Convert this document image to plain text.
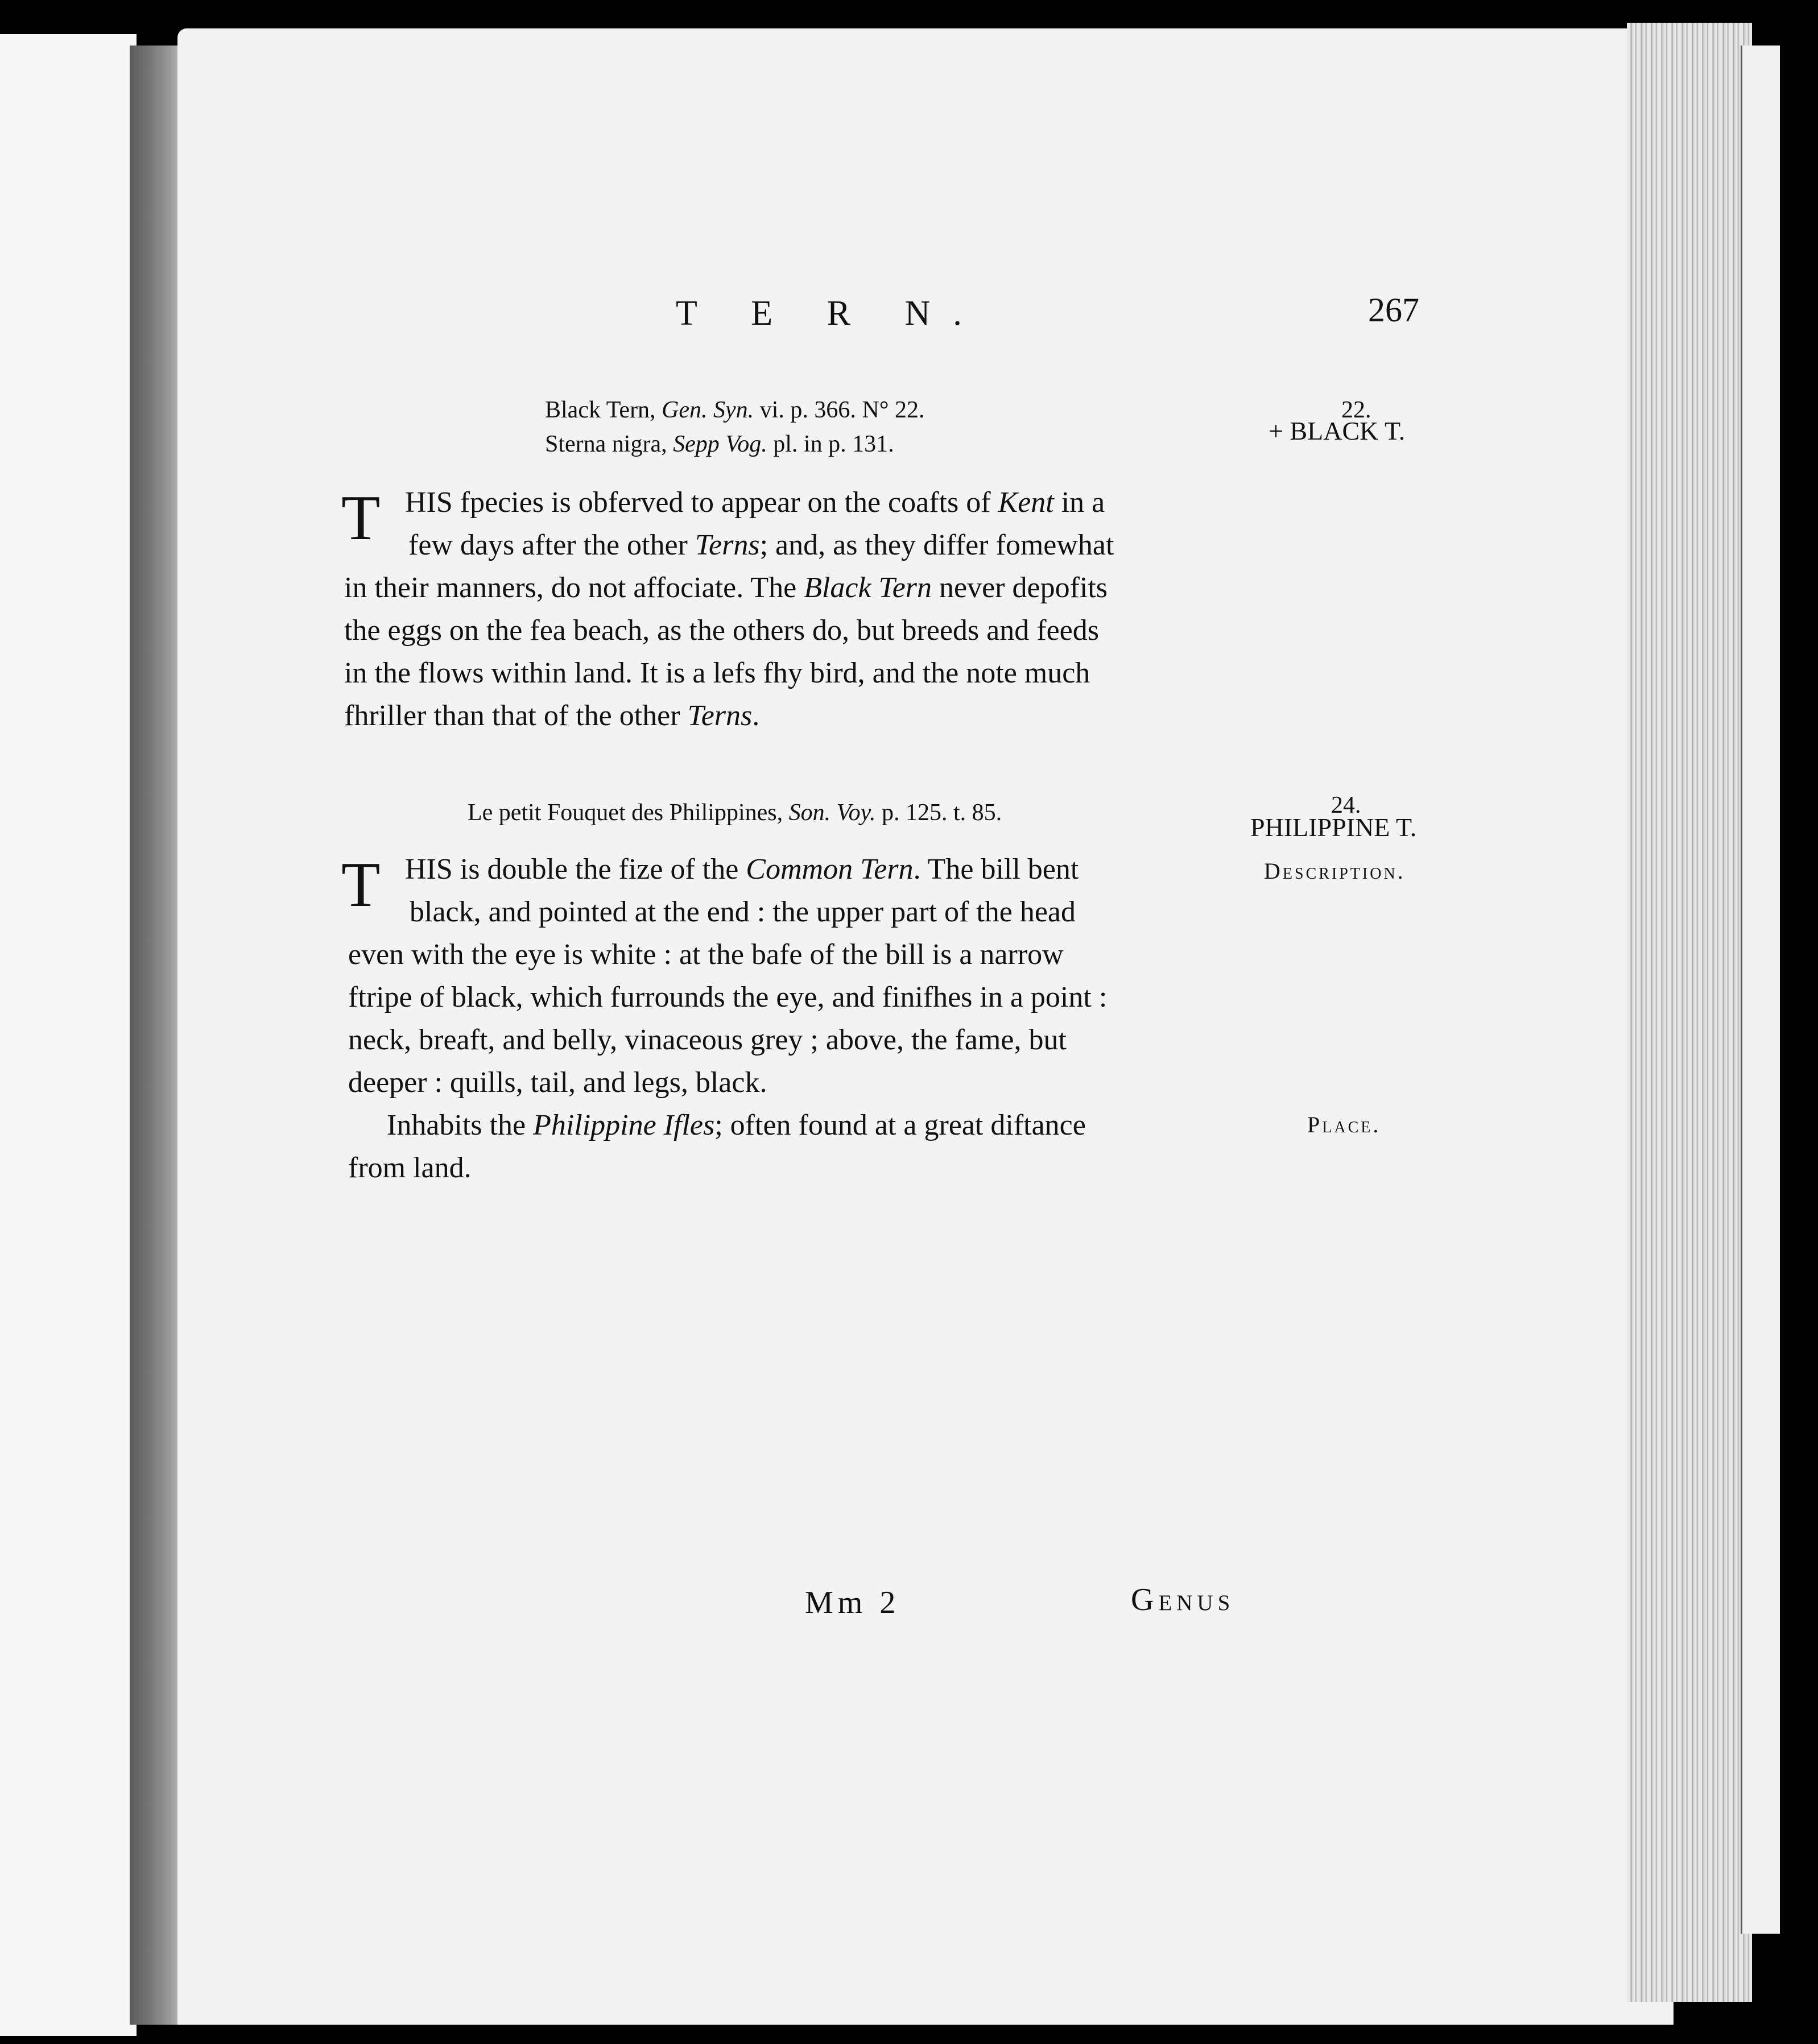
T E R N.	267
Black Tern, Gen. Syn. vi. p. 366. N° 22.
Sterna nigra, Sepp Vog. pl. in p. 131.
22.
+ BLACK T.
T HIS fpecies is obferved to appear on the coafts of Kent in a
few days after the other Terns; and, as they differ fomewhat
in their manners, do not affociate. The Black Tern never depofits
the eggs on the fea beach, as the others do, but breeds and feeds
in the flows within land. It is a lefs fhy bird, and the note much
fhriller than that of the other Terns.
Le petit Fouquet des Philippines, Son. Voy. p. 125. t. 85.	24.
PHILIPPINE T.
Description.
T HIS is double the fize of the Common Tern. The bill bent
black, and pointed at the end : the upper part of the head
even with the eye is white : at the bafe of the bill is a narrow
ftripe of black, which furrounds the eye, and finifhes in a point :
neck, breaft, and belly, vinaceous grey ; above, the fame, but
deeper : quills, tail, and legs, black.
Inhabits the Philippine Ifles; often found at a great diftance
from land.
Place.
Mm 2	Genus
